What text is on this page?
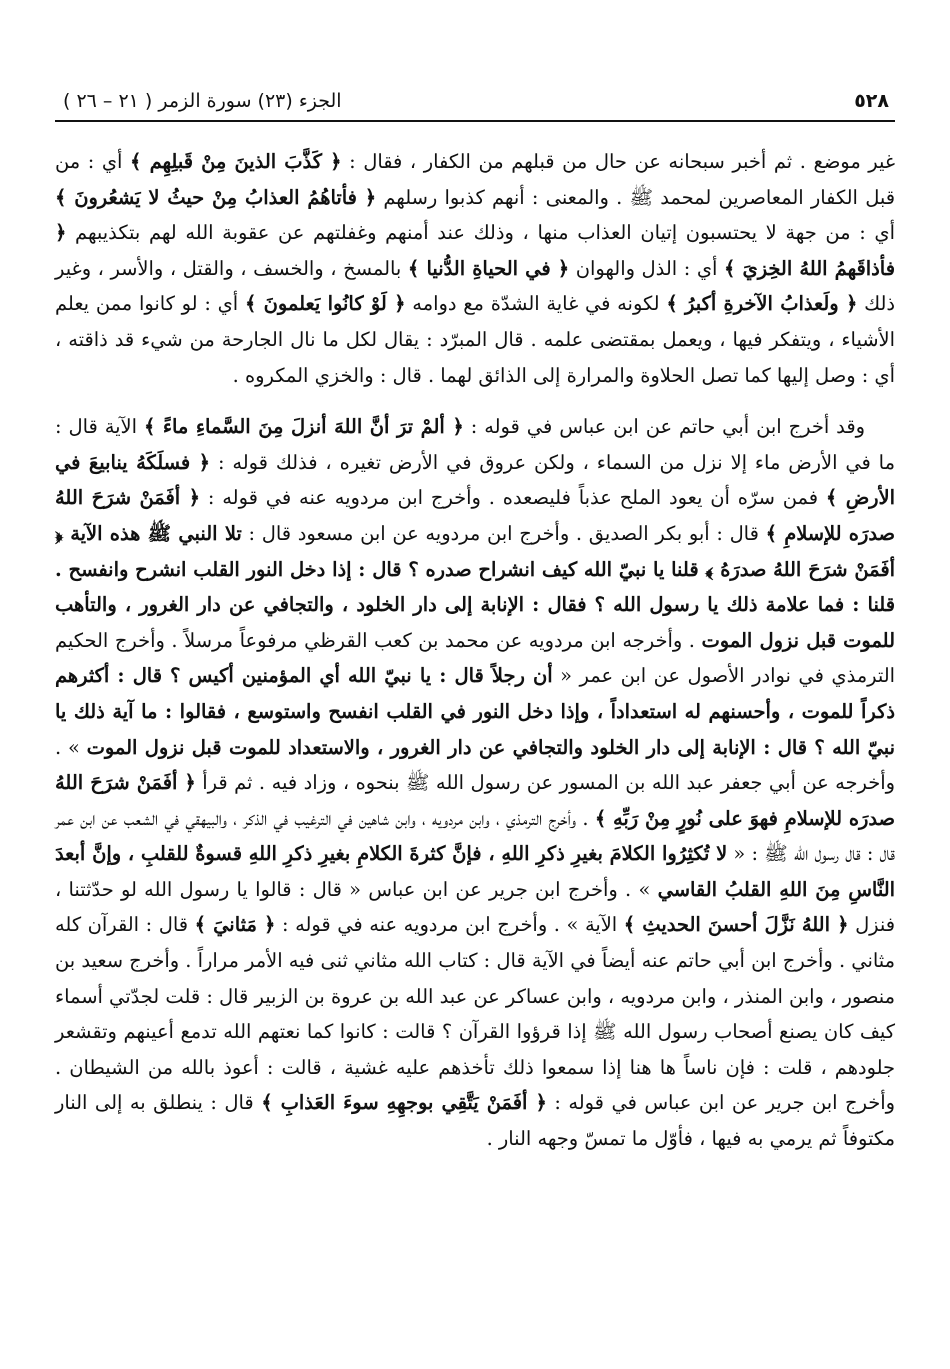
٥٢٨
الجزء (٢٣) سورة الزمر ( ٢١ – ٢٦ )

غير موضع . ثم أخبر سبحانه عن حال من قبلهم من الكفار ، فقال : ﴿ كَذَّبَ الذينَ مِنْ قَبلِهِم ﴾ أي : من قبل الكفار المعاصرين لمحمد ﷺ . والمعنى : أنهم كذبوا رسلهم ﴿ فأتاهُمُ العذابُ مِنْ حيثُ لا يَشعُرونَ ﴾ أي : من جهة لا يحتسبون إتيان العذاب منها ، وذلك عند أمنهم وغفلتهم عن عقوبة الله لهم بتكذيبهم ﴿ فأذاقَهمُ اللهُ الخِزيَ ﴾ أي : الذل والهوان ﴿ في الحياةِ الدُّنيا ﴾ بالمسخ ، والخسف ، والقتل ، والأسر ، وغير ذلك ﴿ ولَعذابُ الآخرةِ أكبرُ ﴾ لكونه في غاية الشدّة مع دوامه ﴿ لَوْ كانُوا يَعلمونَ ﴾ أي : لو كانوا ممن يعلم الأشياء ، ويتفكر فيها ، ويعمل بمقتضى علمه . قال المبرّد : يقال لكل ما نال الجارحة من شيء قد ذاقته ، أي : وصل إليها كما تصل الحلاوة والمرارة إلى الذائق لهما . قال : والخزي المكروه .

وقد أخرج ابن أبي حاتم عن ابن عباس في قوله : ﴿ ألمْ ترَ أنَّ اللهَ أنزلَ مِنَ السَّماءِ ماءً ﴾ الآية قال : ما في الأرض ماء إلا نزل من السماء ، ولكن عروق في الأرض تغيره ، فذلك قوله : ﴿ فسلَكَهُ ينابيعَ في الأرضِ ﴾ فمن سرّه أن يعود الملح عذباً فليصعده . وأخرج ابن مردويه عنه في قوله : ﴿ أفَمَنْ شرَحَ اللهُ صدرَه للإسلامِ ﴾ قال : أبو بكر الصديق . وأخرج ابن مردويه عن ابن مسعود قال : تلا النبي ﷺ هذه الآية ﴿ أفَمَنْ شرَحَ اللهُ صدرَهُ ﴾ قلنا يا نبيّ الله كيف انشراح صدره ؟ قال : إذا دخل النور القلب انشرح وانفسح . قلنا : فما علامة ذلك يا رسول الله ؟ فقال : الإنابة إلى دار الخلود ، والتجافي عن دار الغرور ، والتأهب للموت قبل نزول الموت . وأخرجه ابن مردويه عن محمد بن كعب القرظي مرفوعاً مرسلاً . وأخرج الحكيم الترمذي في نوادر الأصول عن ابن عمر « أن رجلاً قال : يا نبيّ الله أي المؤمنين أكيس ؟ قال : أكثرهم ذكراً للموت ، وأحسنهم له استعداداً ، وإذا دخل النور في القلب انفسح واستوسع ، فقالوا : ما آية ذلك يا نبيّ الله ؟ قال : الإنابة إلى دار الخلود والتجافي عن دار الغرور ، والاستعداد للموت قبل نزول الموت » . وأخرجه عن أبي جعفر عبد الله بن المسور عن رسول الله ﷺ بنحوه ، وزاد فيه . ثم قرأ ﴿ أفَمَنْ شرَحَ اللهُ صدرَه للإسلامِ فهوَ على نُورٍ مِنْ رَبِّهِ ﴾ . وأخرج الترمذي ، وابن مردويه ، وابن شاهين في الترغيب في الذكر ، والبيهقي في الشعب عن ابن عمر قال : قال رسول الله ﷺ : « لا تُكثِرُوا الكلامَ بغيرِ ذكرِ اللهِ ، فإنَّ كثرةَ الكلامِ بغيرِ ذكرِ اللهِ قسوةٌ للقلبِ ، وإنَّ أبعدَ النَّاسِ مِنَ اللهِ القلبُ القاسي » . وأخرج ابن جرير عن ابن عباس « قال : قالوا يا رسول الله لو حدّثتنا ، فنزل ﴿ اللهُ نَزَّلَ أحسنَ الحديثِ ﴾ الآية » . وأخرج ابن مردويه عنه في قوله : ﴿ مَثانيَ ﴾ قال : القرآن كله مثاني . وأخرج ابن أبي حاتم عنه أيضاً في الآية قال : كتاب الله مثاني ثنى فيه الأمر مراراً . وأخرج سعيد بن منصور ، وابن المنذر ، وابن مردويه ، وابن عساكر عن عبد الله بن عروة بن الزبير قال : قلت لجدّتي أسماء كيف كان يصنع أصحاب رسول الله ﷺ إذا قرؤوا القرآن ؟ قالت : كانوا كما نعتهم الله تدمع أعينهم وتقشعر جلودهم ، قلت : فإن ناساً ها هنا إذا سمعوا ذلك تأخذهم عليه غشية ، قالت : أعوذ بالله من الشيطان . وأخرج ابن جرير عن ابن عباس في قوله : ﴿ أفَمَنْ يَتَّقِي بوجهِهِ سوءَ العَذابِ ﴾ قال : ينطلق به إلى النار مكتوفاً ثم يرمي به فيها ، فأوّل ما تمسّ وجهه النار .
